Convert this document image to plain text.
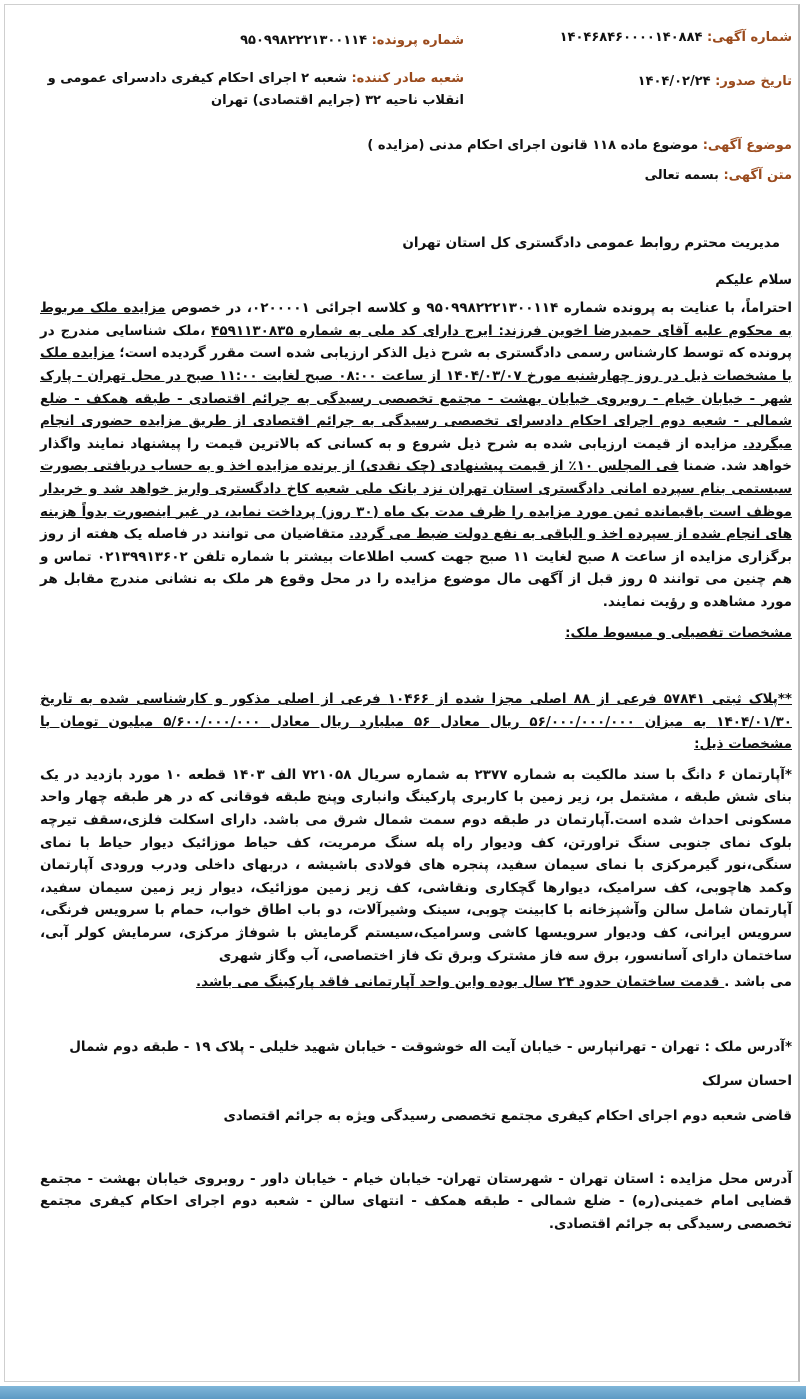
شماره آگهی: ۱۴۰۴۶۸۴۶۰۰۰۰۱۴۰۸۸۴
شماره پرونده: ۹۵۰۹۹۸۲۲۲۱۳۰۰۱۱۴
تاریخ صدور: ۱۴۰۴/۰۲/۲۴
شعبه صادر کننده: شعبه ۲ اجرای احکام کیفری دادسرای عمومی و انقلاب ناحیه ۳۲ (جرایم اقتصادی) تهران
موضوع آگهی: موضوع ماده ۱۱۸ قانون اجرای احکام مدنی (مزایده )
متن آگهی: بسمه تعالی

مدیریت محترم روابط عمومی دادگستری کل استان تهران

سلام علیکم

احتراماً، با عنایت به پرونده شماره ۹۵۰۹۹۸۲۲۲۱۳۰۰۱۱۴ و کلاسه اجرائی ۰۲۰۰۰۰۱، در خصوص مزایده ملک مربوط به محکوم علیه آقای حمیدرضا اخوین فرزند: ایرج دارای کد ملی به شماره ۴۵۹۱۱۳۰۸۳۵ ،ملک شناسایی مندرج در پرونده که توسط کارشناس رسمی دادگستری به شرح ذیل الذکر ارزیابی شده است مقرر گردیده است؛ مزایده ملک با مشخصات ذیل در روز چهارشنبه مورخ ۱۴۰۴/۰۳/۰۷ از ساعت ۰۸:۰۰ صبح لغایت ۱۱:۰۰ صبح در محل تهران - پارک شهر - خیابان خیام - روبروی خیابان بهشت - مجتمع تخصصی رسیدگی به جرائم اقتصادی - طبقه همکف - ضلع شمالی - شعبه دوم اجرای احکام دادسرای تخصصی رسیدگی به جرائم اقتصادی از طریق مزایده حضوری انجام میگردد. مزایده از قیمت ارزیابی شده به شرح ذیل شروع و به کسانی که بالاترین قیمت را پیشنهاد نمایند واگذار خواهد شد. ضمنا فی المجلس ۱۰٪ از قیمت پیشنهادی (چک نقدی) از برنده مزایده اخذ و به حساب دریافتی بصورت سیستمی بنام سپرده امانی دادگستری استان تهران نزد بانک ملی شعبه کاخ دادگستری واریز خواهد شد و خریدار موظف است باقیمانده ثمن مورد مزایده را ظرف مدت یک ماه (۳۰ روز) پرداخت نماید، در غیر اینصورت بدواً هزینه های انجام شده از سپرده اخذ و الباقی به نفع دولت ضبط می گردد. متقاضیان می توانند در فاصله یک هفته از روز برگزاری مزایده از ساعت ۸ صبح لغایت ۱۱ صبح جهت کسب اطلاعات بیشتر با شماره تلفن ۰۲۱۳۹۹۱۳۶۰۲ تماس و هم چنین می توانند ۵ روز قبل از آگهی مال موضوع مزایده را در محل وقوع هر ملک به نشانی مندرج مقابل هر مورد مشاهده و رؤیت نمایند.

مشخصات تفصیلی و مبسوط ملک:

**پلاک ثبتی ۵۷۸۴۱ فرعی از ۸۸ اصلی مجزا شده از ۱۰۴۶۶ فرعی از اصلی مذکور و کارشناسی شده به تاریخ ۱۴۰۴/۰۱/۳۰ به میزان ۵۶/۰۰۰/۰۰۰/۰۰۰ ریال معادل ۵۶ میلیارد ریال معادل ۵/۶۰۰/۰۰۰/۰۰۰ میلیون تومان با مشخصات ذیل:

*آپارتمان ۶ دانگ با سند مالکیت به شماره ۲۳۷۷ به شماره سریال ۷۲۱۰۵۸ الف ۱۴۰۳ قطعه ۱۰ مورد بازدید در یک بنای شش طبقه ، مشتمل بر، زیر زمین با کاربری پارکینگ وانباری وپنج طبقه فوقانی که در هر طبقه چهار واحد مسکونی احداث شده است.آپارتمان در طبقه دوم سمت شمال شرق می باشد. دارای اسکلت فلزی،سقف تیرچه بلوک نمای جنوبی سنگ تراورتن، کف ودیوار راه پله سنگ مرمریت، کف حیاط موزائیک دیوار حیاط با نمای سنگی،نور گیرمرکزی با نمای سیمان سفید، پنجره های فولادی باشیشه ، دربهای داخلی ودرب ورودی آپارتمان وکمد هاچوبی، کف سرامیک، دیوارها گچکاری ونقاشی، کف زیر زمین موزائیک، دیوار زیر زمین سیمان سفید، آپارتمان شامل سالن وآشپزخانه با کابینت چوبی، سینک وشیرآلات، دو باب اطاق خواب، حمام با سرویس فرنگی، سرویس ایرانی، کف ودیوار سرویسها کاشی وسرامیک،سیستم گرمایش با شوفاژ مرکزی، سرمایش کولر آبی، ساختمان دارای آسانسور، برق سه فاز مشترک وبرق تک فاز اختصاصی، آب وگاز شهری

می باشد . قدمت ساختمان حدود ۲۴ سال بوده واین واحد آپارتمانی فاقد پارکینگ می باشد.

*آدرس ملک : تهران - تهرانپارس - خیابان آیت اله خوشوقت - خیابان شهید خلیلی - پلاک ۱۹ - طبقه دوم شمال

احسان سرلک

قاضی شعبه دوم اجرای احکام کیفری مجتمع تخصصی رسیدگی ویژه به جرائم اقتصادی

آدرس محل مزایده : استان تهران - شهرستان تهران- خیابان خیام - خیابان داور - روبروی خیابان بهشت - مجتمع قضایی امام خمینی(ره) - ضلع شمالی - طبقه همکف - انتهای سالن - شعبه دوم اجرای احکام کیفری مجتمع تخصصی رسیدگی به جرائم اقتصادی.
